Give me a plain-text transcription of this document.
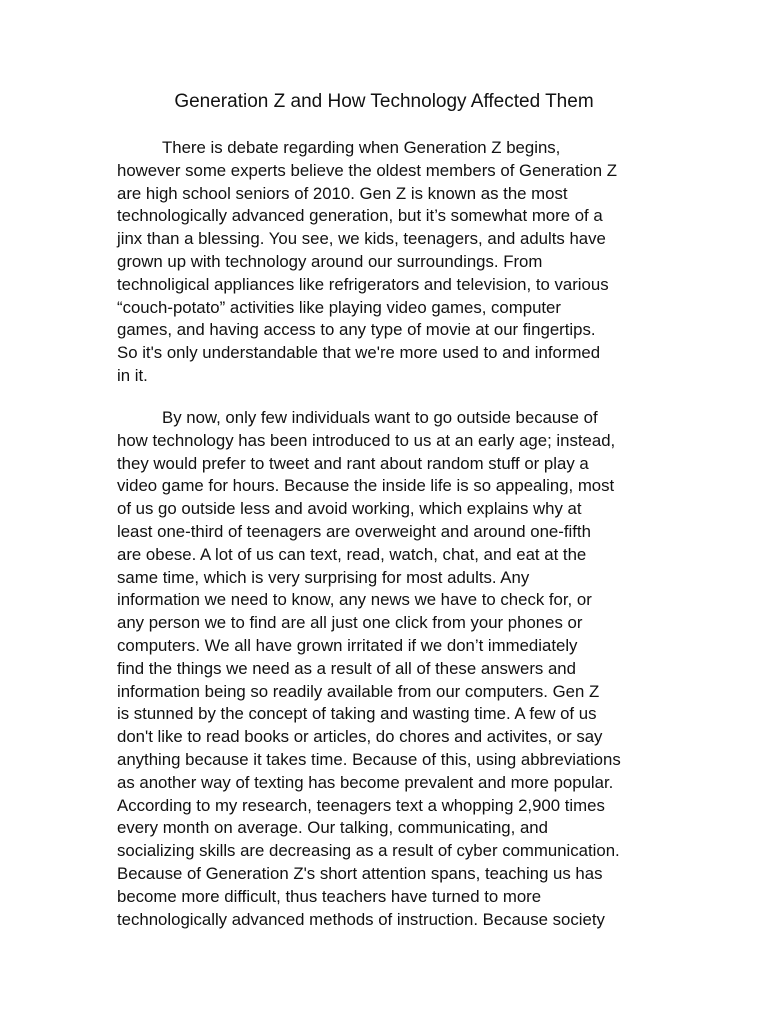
Generation Z and How Technology Affected Them

There is debate regarding when Generation Z begins,
however some experts believe the oldest members of Generation Z
are high school seniors of 2010. Gen Z is known as the most
technologically advanced generation, but it’s somewhat more of a
jinx than a blessing. You see, we kids, teenagers, and adults have
grown up with technology around our surroundings. From
technoligical appliances like refrigerators and television, to various
“couch-potato” activities like playing video games, computer
games, and having access to any type of movie at our fingertips.
So it's only understandable that we're more used to and informed
in it.

By now, only few individuals want to go outside because of
how technology has been introduced to us at an early age; instead,
they would prefer to tweet and rant about random stuff or play a
video game for hours. Because the inside life is so appealing, most
of us go outside less and avoid working, which explains why at
least one-third of teenagers are overweight and around one-fifth
are obese. A lot of us can text, read, watch, chat, and eat at the
same time, which is very surprising for most adults. Any
information we need to know, any news we have to check for, or
any person we to find are all just one click from your phones or
computers. We all have grown irritated if we don’t immediately
find the things we need as a result of all of these answers and
information being so readily available from our computers. Gen Z
is stunned by the concept of taking and wasting time. A few of us
don't like to read books or articles, do chores and activites, or say
anything because it takes time. Because of this, using abbreviations
as another way of texting has become prevalent and more popular.
According to my research, teenagers text a whopping 2,900 times
every month on average. Our talking, communicating, and
socializing skills are decreasing as a result of cyber communication.
Because of Generation Z's short attention spans, teaching us has
become more difficult, thus teachers have turned to more
technologically advanced methods of instruction. Because society
